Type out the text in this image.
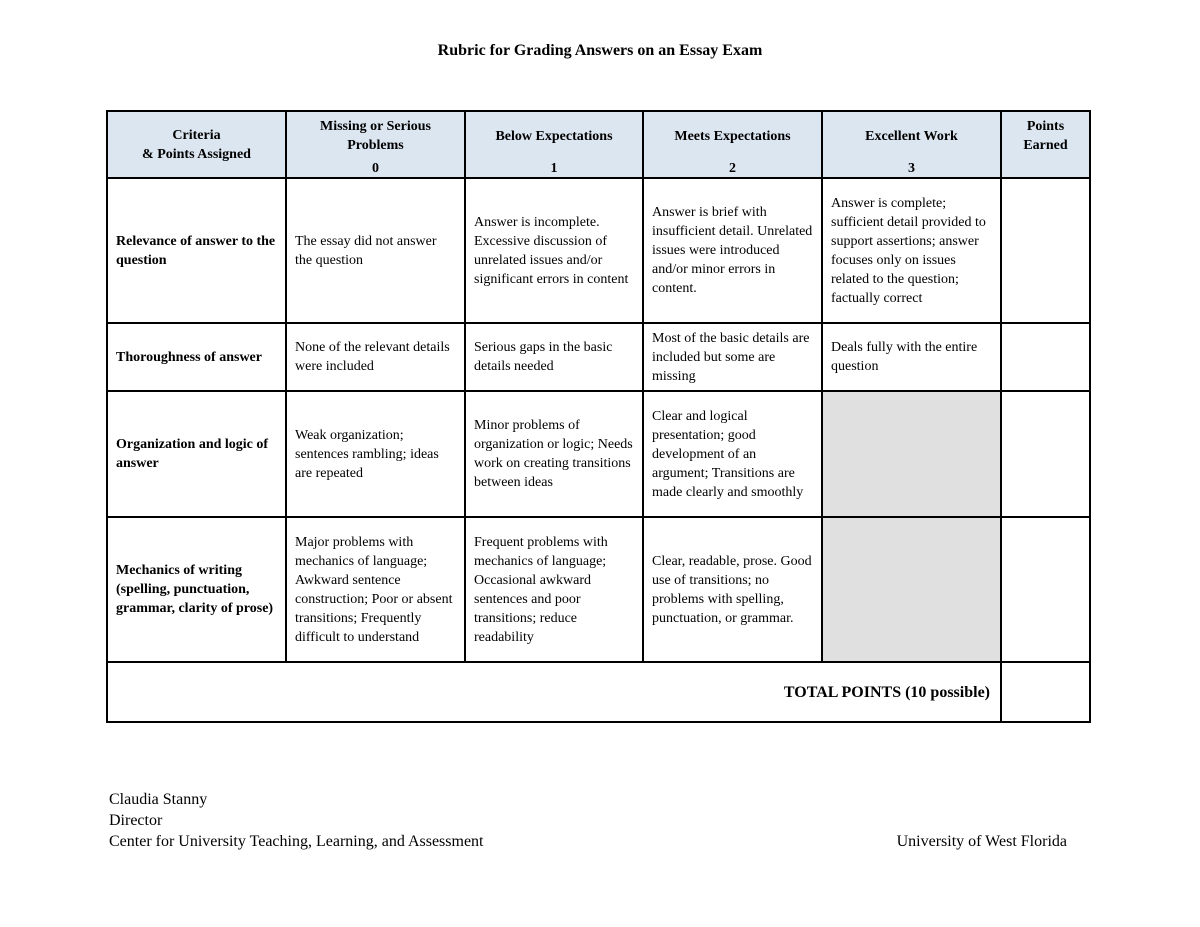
Rubric for Grading Answers on an Essay Exam
Criteria
& Points Assigned	Missing or Serious Problems	Below Expectations	Meets Expectations	Excellent Work	Points Earned
	0	1	2	3	
Relevance of answer to the question	The essay did not answer the question	Answer is incomplete. Excessive discussion of unrelated issues and/or significant errors in content	Answer is brief with insufficient detail. Unrelated issues were introduced and/or minor errors in content.	Answer is complete; sufficient detail provided to support assertions; answer focuses only on issues related to the question; factually correct	
Thoroughness of answer	None of the relevant details were included	Serious gaps in the basic details needed	Most of the basic details are included but some are missing	Deals fully with the entire question	
Organization and logic of answer	Weak organization; sentences rambling; ideas are repeated	Minor problems of organization or logic; Needs work on creating transitions between ideas	Clear and logical presentation; good development of an argument; Transitions are made clearly and smoothly		
Mechanics of writing (spelling, punctuation, grammar, clarity of prose)	Major problems with mechanics of language; Awkward sentence construction; Poor or absent transitions; Frequently difficult to understand	Frequent problems with mechanics of language; Occasional awkward sentences and poor transitions; reduce readability	Clear, readable, prose. Good use of transitions; no problems with spelling, punctuation, or grammar.		
TOTAL POINTS (10 possible)					
Claudia Stanny
Director
Center for University Teaching, Learning, and Assessment	University of West Florida
